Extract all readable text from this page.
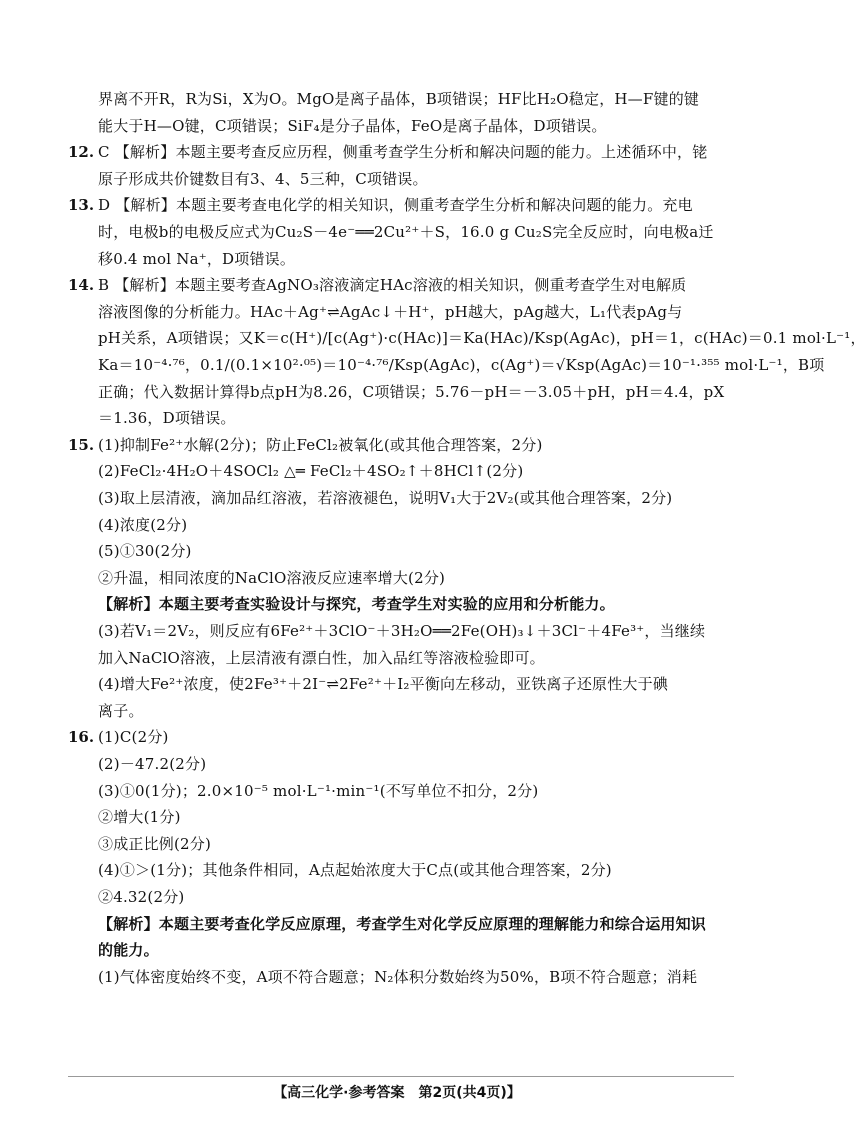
界离不开R，R为Si，X为O。MgO是离子晶体，B项错误；HF比H₂O稳定，H—F键的键
能大于H—O键，C项错误；SiF₄是分子晶体，FeO是离子晶体，D项错误。
12. C 【解析】本题主要考查反应历程，侧重考查学生分析和解决问题的能力。上述循环中，铑
原子形成共价键数目有3、4、5三种，C项错误。
13. D 【解析】本题主要考查电化学的相关知识，侧重考查学生分析和解决问题的能力。充电
时，电极b的电极反应式为Cu₂S－4e⁻══2Cu²⁺＋S，16.0 g Cu₂S完全反应时，向电极a迁
移0.4 mol Na⁺，D项错误。
14. B 【解析】本题主要考查AgNO₃溶液滴定HAc溶液的相关知识，侧重考查学生对电解质
溶液图像的分析能力。HAc＋Ag⁺⇌AgAc↓＋H⁺，pH越大，pAg越大，L₁代表pAg与
pH关系，A项错误；又K＝c(H⁺)/[c(Ag⁺)·c(HAc)]＝Ka(HAc)/Ksp(AgAc)，pH＝1，c(HAc)＝0.1 mol·L⁻¹，
Ka＝10⁻⁴·⁷⁶，0.1/(0.1×10²·⁰⁵)＝10⁻⁴·⁷⁶/Ksp(AgAc)，c(Ag⁺)＝√Ksp(AgAc)＝10⁻¹·³⁵⁵ mol·L⁻¹，B项
正确；代入数据计算得b点pH为8.26，C项错误；5.76－pH＝－3.05＋pH，pH＝4.4，pX
＝1.36，D项错误。
15. (1)抑制Fe²⁺水解(2分)；防止FeCl₂被氧化(或其他合理答案，2分)
(2)FeCl₂·4H₂O＋4SOCl₂ △═ FeCl₂＋4SO₂↑＋8HCl↑(2分)
(3)取上层清液，滴加品红溶液，若溶液褪色，说明V₁大于2V₂(或其他合理答案，2分)
(4)浓度(2分)
(5)①30(2分)
②升温，相同浓度的NaClO溶液反应速率增大(2分)
【解析】本题主要考查实验设计与探究，考查学生对实验的应用和分析能力。
(3)若V₁＝2V₂，则反应有6Fe²⁺＋3ClO⁻＋3H₂O══2Fe(OH)₃↓＋3Cl⁻＋4Fe³⁺，当继续
加入NaClO溶液，上层清液有漂白性，加入品红等溶液检验即可。
(4)增大Fe²⁺浓度，使2Fe³⁺＋2I⁻⇌2Fe²⁺＋I₂平衡向左移动，亚铁离子还原性大于碘
离子。
16. (1)C(2分)
(2)－47.2(2分)
(3)①0(1分)；2.0×10⁻⁵ mol·L⁻¹·min⁻¹(不写单位不扣分，2分)
②增大(1分)
③成正比例(2分)
(4)①＞(1分)；其他条件相同，A点起始浓度大于C点(或其他合理答案，2分)
②4.32(2分)
【解析】本题主要考查化学反应原理，考查学生对化学反应原理的理解能力和综合运用知识
的能力。
(1)气体密度始终不变，A项不符合题意；N₂体积分数始终为50%，B项不符合题意；消耗
【高三化学·参考答案　第2页(共4页)】
